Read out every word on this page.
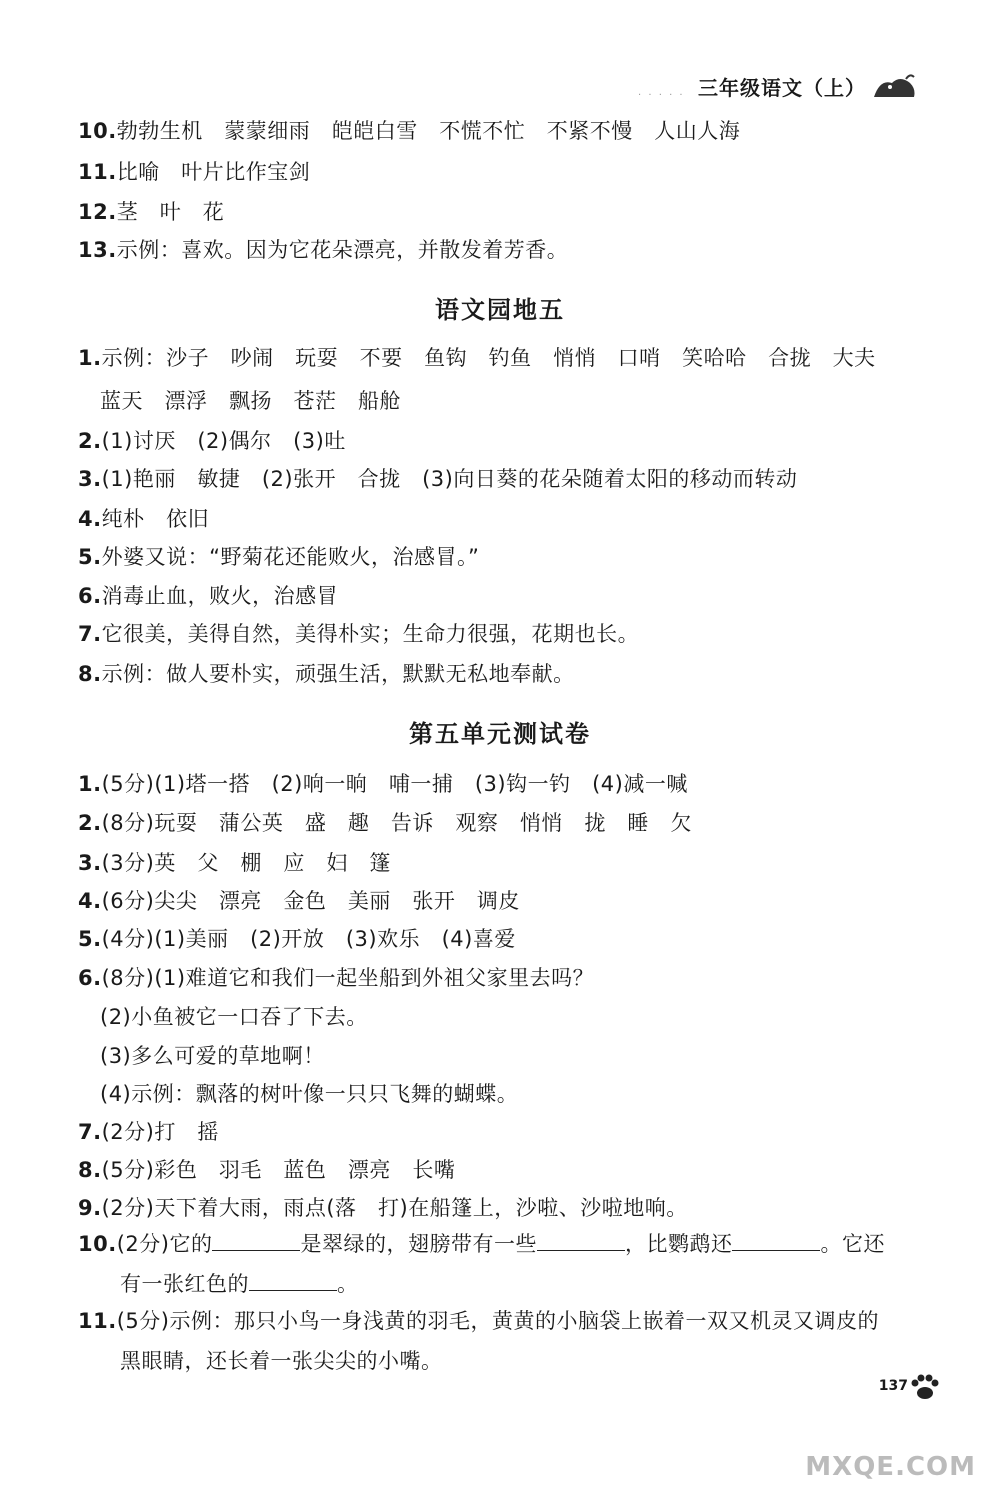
· · · · · 三年级语文（上）
10.勃勃生机　蒙蒙细雨　皑皑白雪　不慌不忙　不紧不慢　人山人海
11.比喻　叶片比作宝剑
12.茎　叶　花
13.示例：喜欢。因为它花朵漂亮，并散发着芳香。
语文园地五
1.示例：沙子　吵闹　玩耍　不要　鱼钩　钓鱼　悄悄　口哨　笑哈哈　合拢　大夫
蓝天　漂浮　飘扬　苍茫　船舱
2.(1)讨厌　(2)偶尔　(3)吐
3.(1)艳丽　敏捷　(2)张开　合拢　(3)向日葵的花朵随着太阳的移动而转动
4.纯朴　依旧
5.外婆又说：“野菊花还能败火，治感冒。”
6.消毒止血，败火，治感冒
7.它很美，美得自然，美得朴实；生命力很强，花期也长。
8.示例：做人要朴实，顽强生活，默默无私地奉献。
第五单元测试卷
1.(5分)(1)塔一搭　(2)响一晌　哺一捕　(3)钩一钓　(4)减一喊
2.(8分)玩耍　蒲公英　盛　趣　告诉　观察　悄悄　拢　睡　欠
3.(3分)英　父　棚　应　妇　篷
4.(6分)尖尖　漂亮　金色　美丽　张开　调皮
5.(4分)(1)美丽　(2)开放　(3)欢乐　(4)喜爱
6.(8分)(1)难道它和我们一起坐船到外祖父家里去吗？
(2)小鱼被它一口吞了下去。
(3)多么可爱的草地啊！
(4)示例：飘落的树叶像一只只飞舞的蝴蝶。
7.(2分)打　摇
8.(5分)彩色　羽毛　蓝色　漂亮　长嘴
9.(2分)天下着大雨，雨点(落　打)在船篷上，沙啦、沙啦地响。
10.(2分)它的	是翠绿的，翅膀带有一些	，比鹦鹉还	。它还
有一张红色的	。
11.(5分)示例：那只小鸟一身浅黄的羽毛，黄黄的小脑袋上嵌着一双又机灵又调皮的
黑眼睛，还长着一张尖尖的小嘴。
137
MXQE.COM
